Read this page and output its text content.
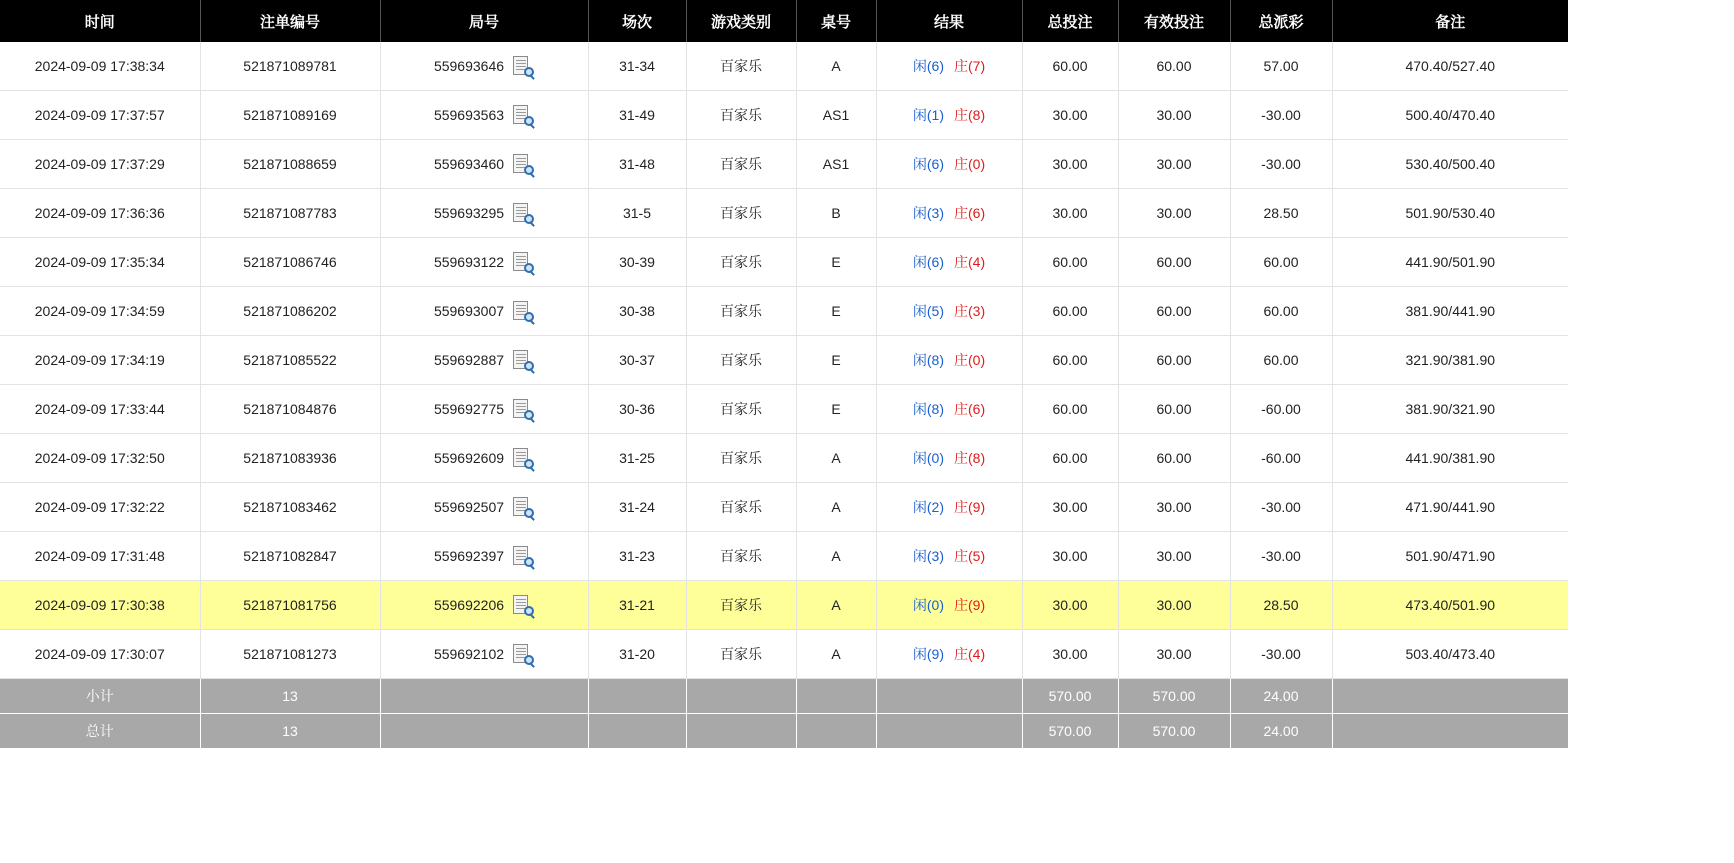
时间	注单编号	局号	场次	游戏类别	桌号	结果	总投注	有效投注	总派彩	备注
2024-09-09 17:38:34	521871089781	559693646	31-34	百家乐	A	闲(6) 庄(7)	60.00	60.00	57.00	470.40/527.40
2024-09-09 17:37:57	521871089169	559693563	31-49	百家乐	AS1	闲(1) 庄(8)	30.00	30.00	-30.00	500.40/470.40
2024-09-09 17:37:29	521871088659	559693460	31-48	百家乐	AS1	闲(6) 庄(0)	30.00	30.00	-30.00	530.40/500.40
2024-09-09 17:36:36	521871087783	559693295	31-5	百家乐	B	闲(3) 庄(6)	30.00	30.00	28.50	501.90/530.40
2024-09-09 17:35:34	521871086746	559693122	30-39	百家乐	E	闲(6) 庄(4)	60.00	60.00	60.00	441.90/501.90
2024-09-09 17:34:59	521871086202	559693007	30-38	百家乐	E	闲(5) 庄(3)	60.00	60.00	60.00	381.90/441.90
2024-09-09 17:34:19	521871085522	559692887	30-37	百家乐	E	闲(8) 庄(0)	60.00	60.00	60.00	321.90/381.90
2024-09-09 17:33:44	521871084876	559692775	30-36	百家乐	E	闲(8) 庄(6)	60.00	60.00	-60.00	381.90/321.90
2024-09-09 17:32:50	521871083936	559692609	31-25	百家乐	A	闲(0) 庄(8)	60.00	60.00	-60.00	441.90/381.90
2024-09-09 17:32:22	521871083462	559692507	31-24	百家乐	A	闲(2) 庄(9)	30.00	30.00	-30.00	471.90/441.90
2024-09-09 17:31:48	521871082847	559692397	31-23	百家乐	A	闲(3) 庄(5)	30.00	30.00	-30.00	501.90/471.90
2024-09-09 17:30:38	521871081756	559692206	31-21	百家乐	A	闲(0) 庄(9)	30.00	30.00	28.50	473.40/501.90
2024-09-09 17:30:07	521871081273	559692102	31-20	百家乐	A	闲(9) 庄(4)	30.00	30.00	-30.00	503.40/473.40
小计	13						570.00	570.00	24.00	
总计	13						570.00	570.00	24.00	
